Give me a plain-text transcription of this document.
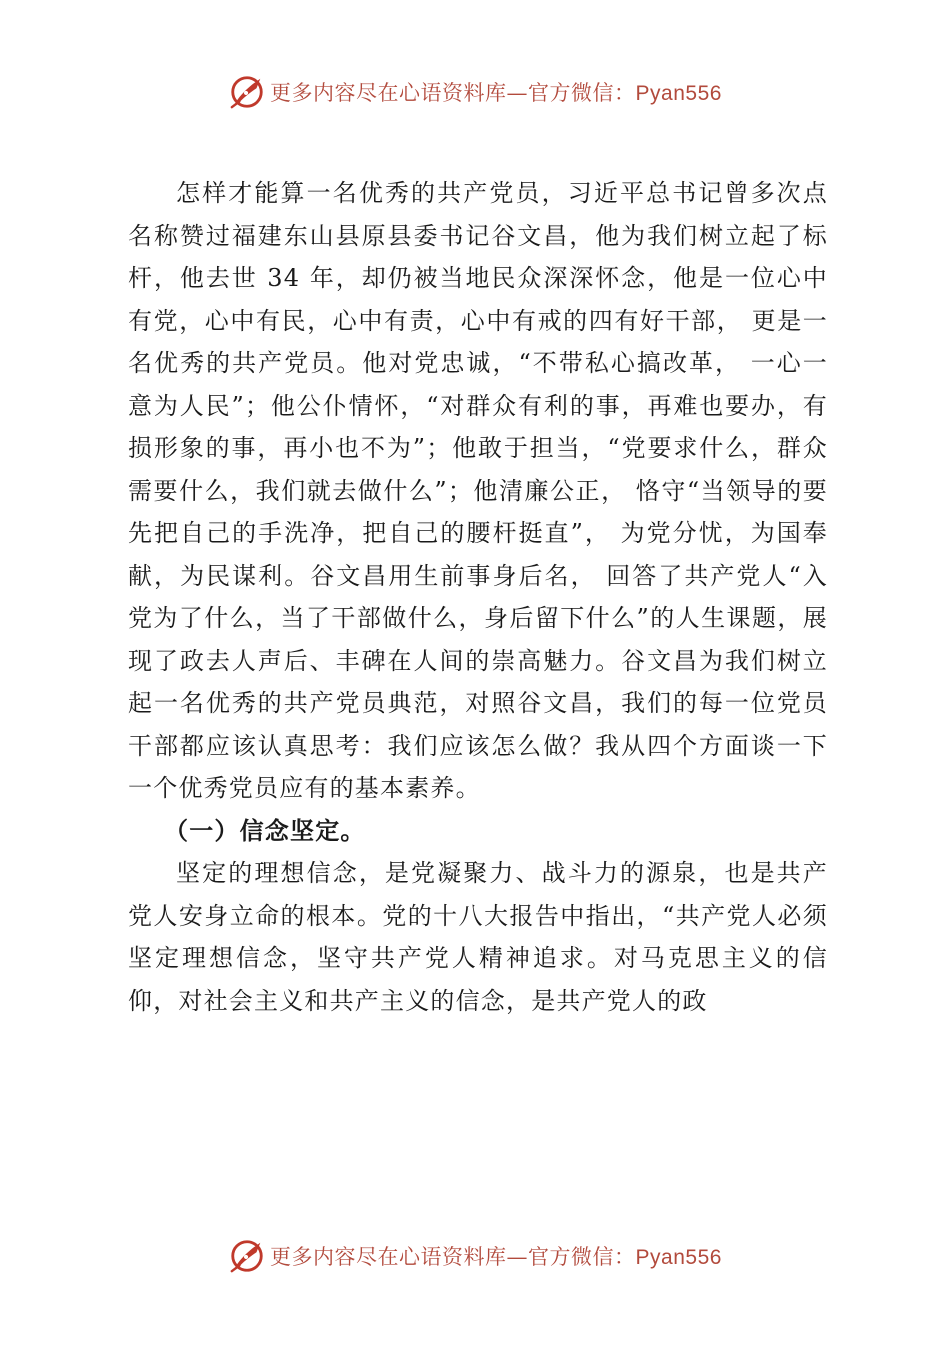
更多内容尽在心语资料库—官方微信：Pyan556

怎样才能算一名优秀的共产党员，习近平总书记曾多次点名称赞过福建东山县原县委书记谷文昌，他为我们树立起了标杆，他去世 34 年，却仍被当地民众深深怀念，他是一位心中有党，心中有民，心中有责，心中有戒的四有好干部， 更是一名优秀的共产党员。他对党忠诚，“不带私心搞改革， 一心一意为人民”；他公仆情怀，“对群众有利的事，再难也要办，有损形象的事，再小也不为”；他敢于担当，“党要求什么，群众需要什么，我们就去做什么”；他清廉公正， 恪守“当领导的要先把自己的手洗净，把自己的腰杆挺直”， 为党分忧，为国奉献，为民谋利。谷文昌用生前事身后名， 回答了共产党人“入党为了什么，当了干部做什么，身后留下什么”的人生课题，展现了政去人声后、丰碑在人间的崇高魅力。谷文昌为我们树立起一名优秀的共产党员典范，对照谷文昌，我们的每一位党员干部都应该认真思考：我们应该怎么做？我从四个方面谈一下一个优秀党员应有的基本素养。

（一）信念坚定。

坚定的理想信念，是党凝聚力、战斗力的源泉，也是共产党人安身立命的根本。党的十八大报告中指出，“共产党人必须坚定理想信念，坚守共产党人精神追求。对马克思主义的信仰，对社会主义和共产主义的信念，是共产党人的政

更多内容尽在心语资料库—官方微信：Pyan556
